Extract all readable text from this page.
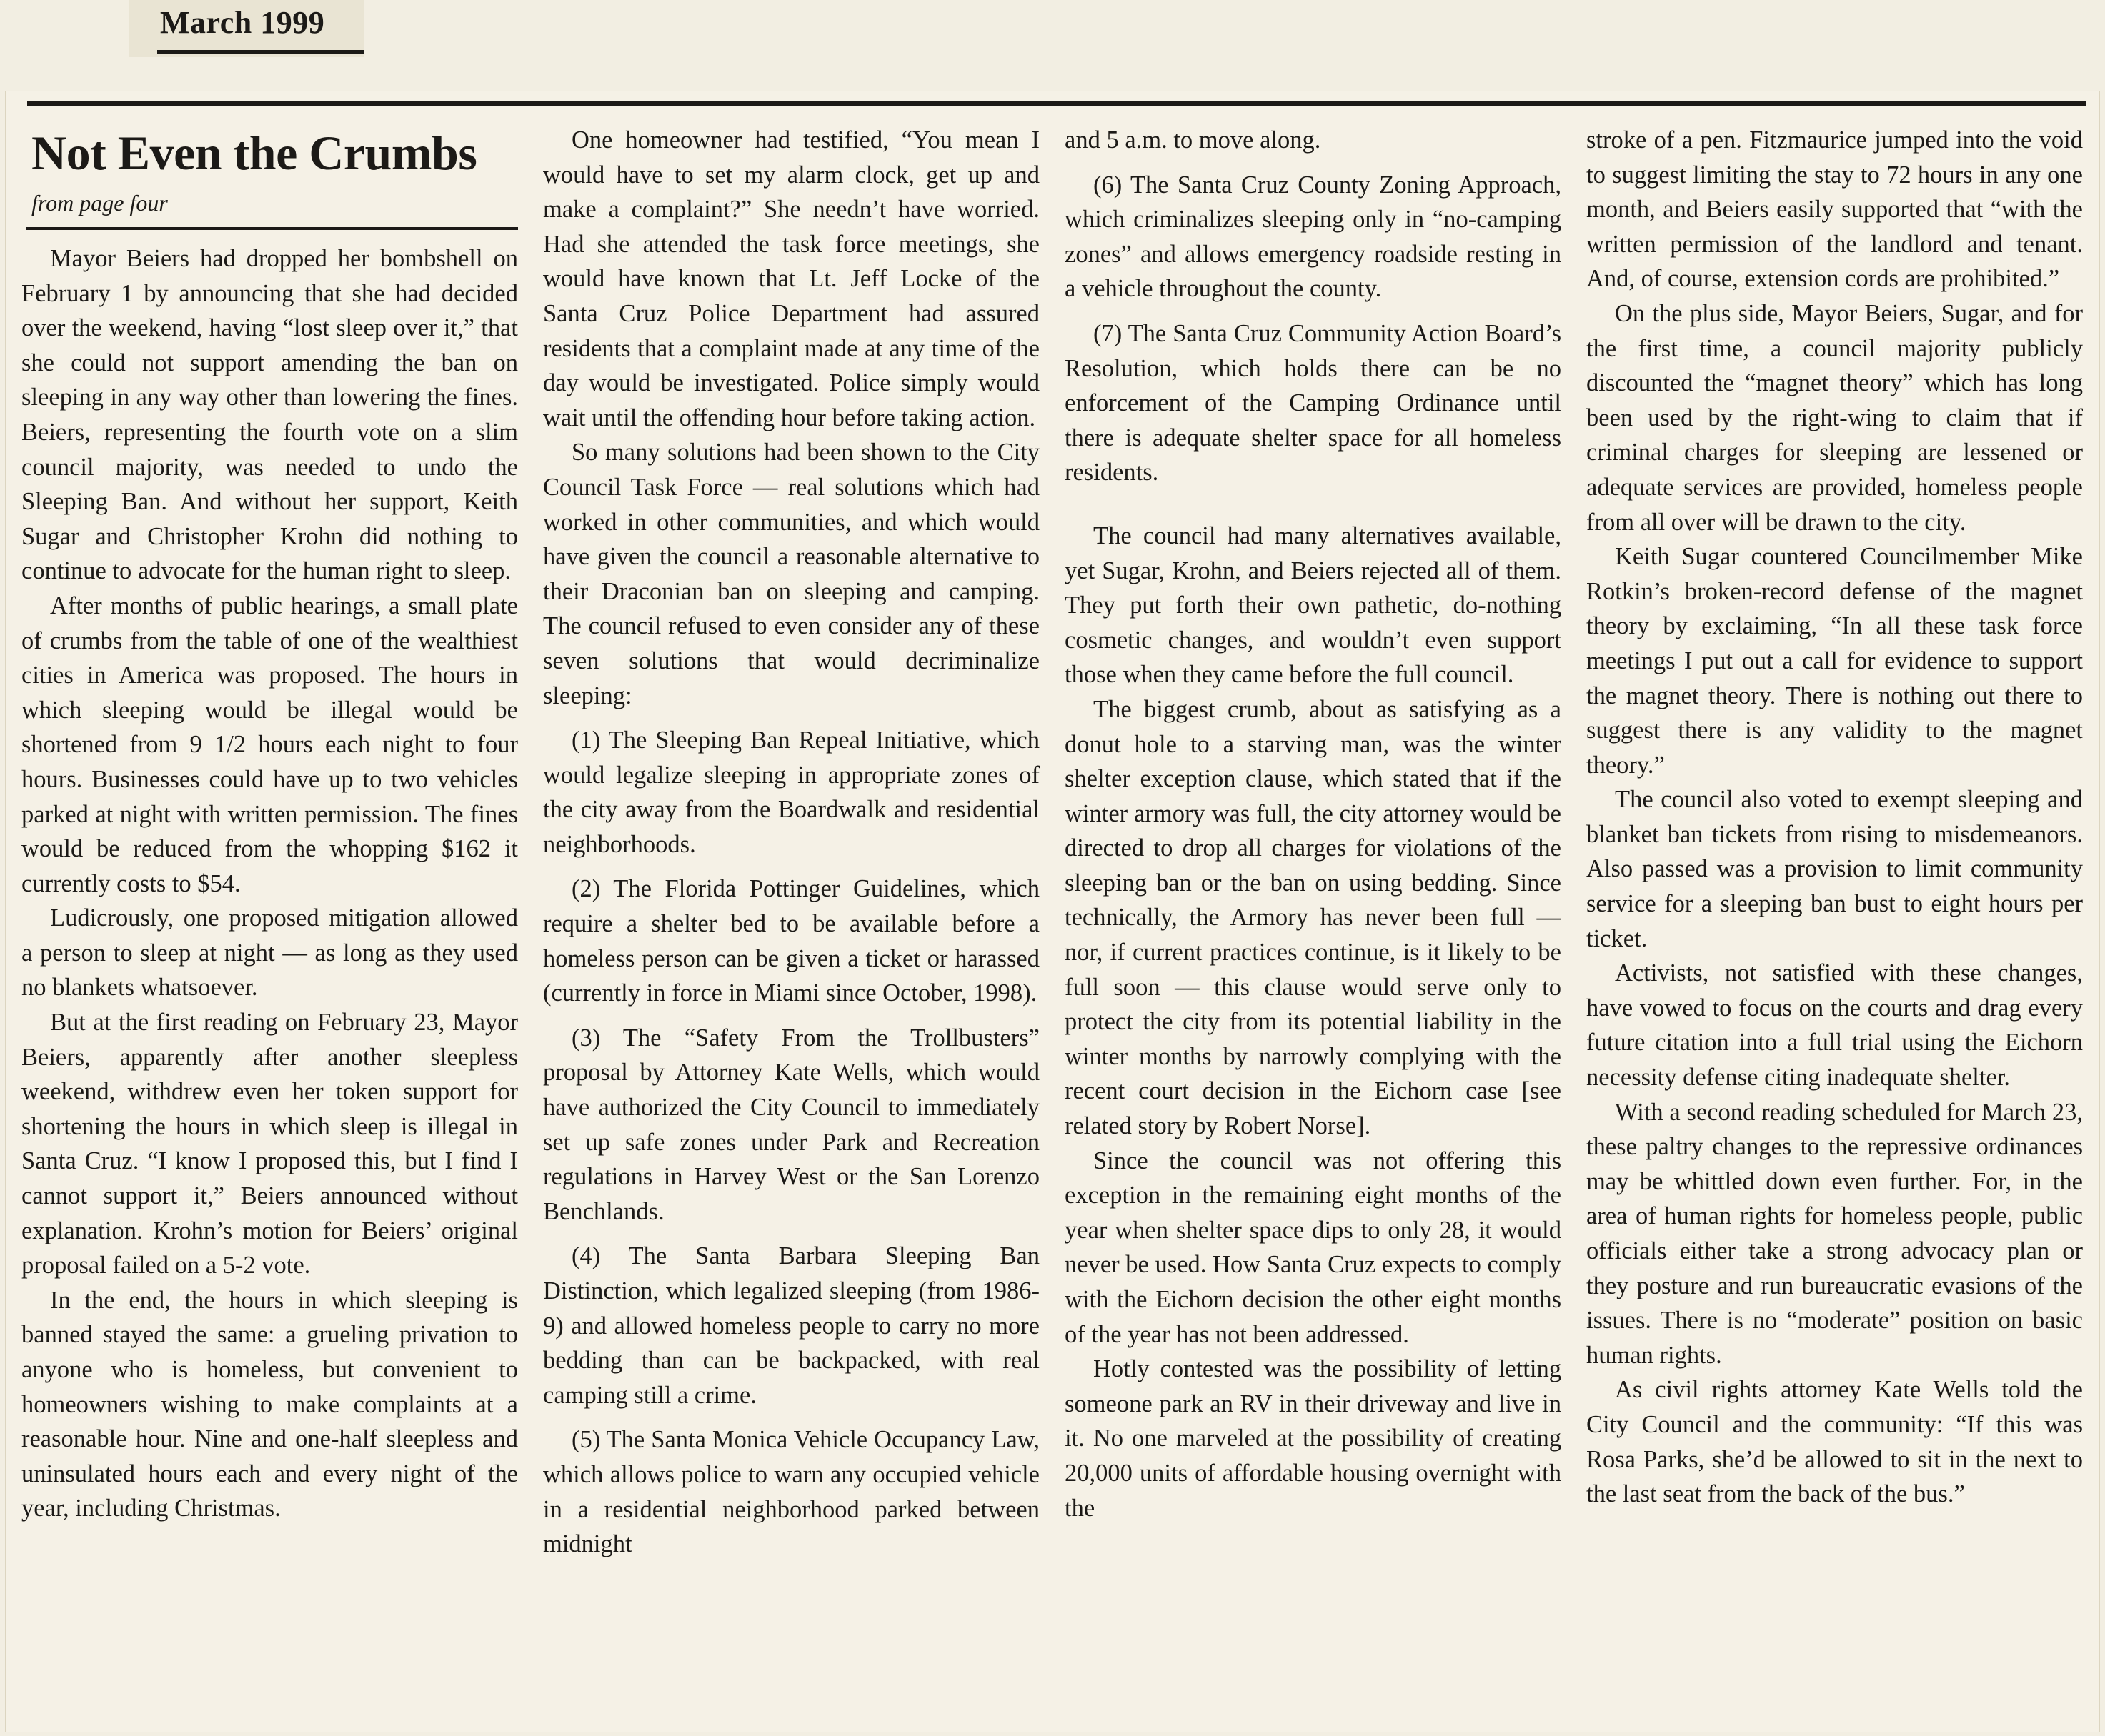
March 1999
Not Even the Crumbs
from page four

Mayor Beiers had dropped her bombshell on February 1 by announcing that she had decided over the weekend, having “lost sleep over it,” that she could not support amending the ban on sleeping in any way other than lowering the fines. Beiers, representing the fourth vote on a slim council majority, was needed to undo the Sleeping Ban. And without her support, Keith Sugar and Christopher Krohn did nothing to continue to advocate for the human right to sleep.

After months of public hearings, a small plate of crumbs from the table of one of the wealthiest cities in America was proposed. The hours in which sleeping would be illegal would be shortened from 9 1/2 hours each night to four hours. Businesses could have up to two vehicles parked at night with written permission. The fines would be reduced from the whopping $162 it currently costs to $54.

Ludicrously, one proposed mitigation allowed a person to sleep at night — as long as they used no blankets whatsoever.

But at the first reading on February 23, Mayor Beiers, apparently after another sleepless weekend, withdrew even her token support for shortening the hours in which sleep is illegal in Santa Cruz. “I know I proposed this, but I find I cannot support it,” Beiers announced without explanation. Krohn’s motion for Beiers’ original proposal failed on a 5-2 vote.

In the end, the hours in which sleeping is banned stayed the same: a grueling privation to anyone who is homeless, but convenient to homeowners wishing to make complaints at a reasonable hour. Nine and one-half sleepless and uninsulated hours each and every night of the year, including Christmas.

One homeowner had testified, “You mean I would have to set my alarm clock, get up and make a complaint?” She needn’t have worried. Had she attended the task force meetings, she would have known that Lt. Jeff Locke of the Santa Cruz Police Department had assured residents that a complaint made at any time of the day would be investigated. Police simply would wait until the offending hour before taking action.

So many solutions had been shown to the City Council Task Force — real solutions which had worked in other communities, and which would have given the council a reasonable alternative to their Draconian ban on sleeping and camping. The council refused to even consider any of these seven solutions that would decriminalize sleeping:

(1) The Sleeping Ban Repeal Initiative, which would legalize sleeping in appropriate zones of the city away from the Boardwalk and residential neighborhoods.

(2) The Florida Pottinger Guidelines, which require a shelter bed to be available before a homeless person can be given a ticket or harassed (currently in force in Miami since October, 1998).

(3) The “Safety From the Trollbusters” proposal by Attorney Kate Wells, which would have authorized the City Council to immediately set up safe zones under Park and Recreation regulations in Harvey West or the San Lorenzo Benchlands.

(4) The Santa Barbara Sleeping Ban Distinction, which legalized sleeping (from 1986-9) and allowed homeless people to carry no more bedding than can be backpacked, with real camping still a crime.

(5) The Santa Monica Vehicle Occupancy Law, which allows police to warn any occupied vehicle in a residential neighborhood parked between midnight

and 5 a.m. to move along.

(6) The Santa Cruz County Zoning Approach, which criminalizes sleeping only in “no-camping zones” and allows emergency roadside resting in a vehicle throughout the county.

(7) The Santa Cruz Community Action Board’s Resolution, which holds there can be no enforcement of the Camping Ordinance until there is adequate shelter space for all homeless residents.

The council had many alternatives available, yet Sugar, Krohn, and Beiers rejected all of them. They put forth their own pathetic, do-nothing cosmetic changes, and wouldn’t even support those when they came before the full council.

The biggest crumb, about as satisfying as a donut hole to a starving man, was the winter shelter exception clause, which stated that if the winter armory was full, the city attorney would be directed to drop all charges for violations of the sleeping ban or the ban on using bedding. Since technically, the Armory has never been full — nor, if current practices continue, is it likely to be full soon — this clause would serve only to protect the city from its potential liability in the winter months by narrowly complying with the recent court decision in the Eichorn case [see related story by Robert Norse].

Since the council was not offering this exception in the remaining eight months of the year when shelter space dips to only 28, it would never be used. How Santa Cruz expects to comply with the Eichorn decision the other eight months of the year has not been addressed.

Hotly contested was the possibility of letting someone park an RV in their driveway and live in it. No one marveled at the possibility of creating 20,000 units of affordable housing overnight with the

stroke of a pen. Fitzmaurice jumped into the void to suggest limiting the stay to 72 hours in any one month, and Beiers easily supported that “with the written permission of the landlord and tenant. And, of course, extension cords are prohibited.”

On the plus side, Mayor Beiers, Sugar, and for the first time, a council majority publicly discounted the “magnet theory” which has long been used by the right-wing to claim that if criminal charges for sleeping are lessened or adequate services are provided, homeless people from all over will be drawn to the city.

Keith Sugar countered Councilmember Mike Rotkin’s broken-record defense of the magnet theory by exclaiming, “In all these task force meetings I put out a call for evidence to support the magnet theory. There is nothing out there to suggest there is any validity to the magnet theory.”

The council also voted to exempt sleeping and blanket ban tickets from rising to misdemeanors. Also passed was a provision to limit community service for a sleeping ban bust to eight hours per ticket.

Activists, not satisfied with these changes, have vowed to focus on the courts and drag every future citation into a full trial using the Eichorn necessity defense citing inadequate shelter.

With a second reading scheduled for March 23, these paltry changes to the repressive ordinances may be whittled down even further. For, in the area of human rights for homeless people, public officials either take a strong advocacy plan or they posture and run bureaucratic evasions of the issues. There is no “moderate” position on basic human rights.

As civil rights attorney Kate Wells told the City Council and the community: “If this was Rosa Parks, she’d be allowed to sit in the next to the last seat from the back of the bus.”
